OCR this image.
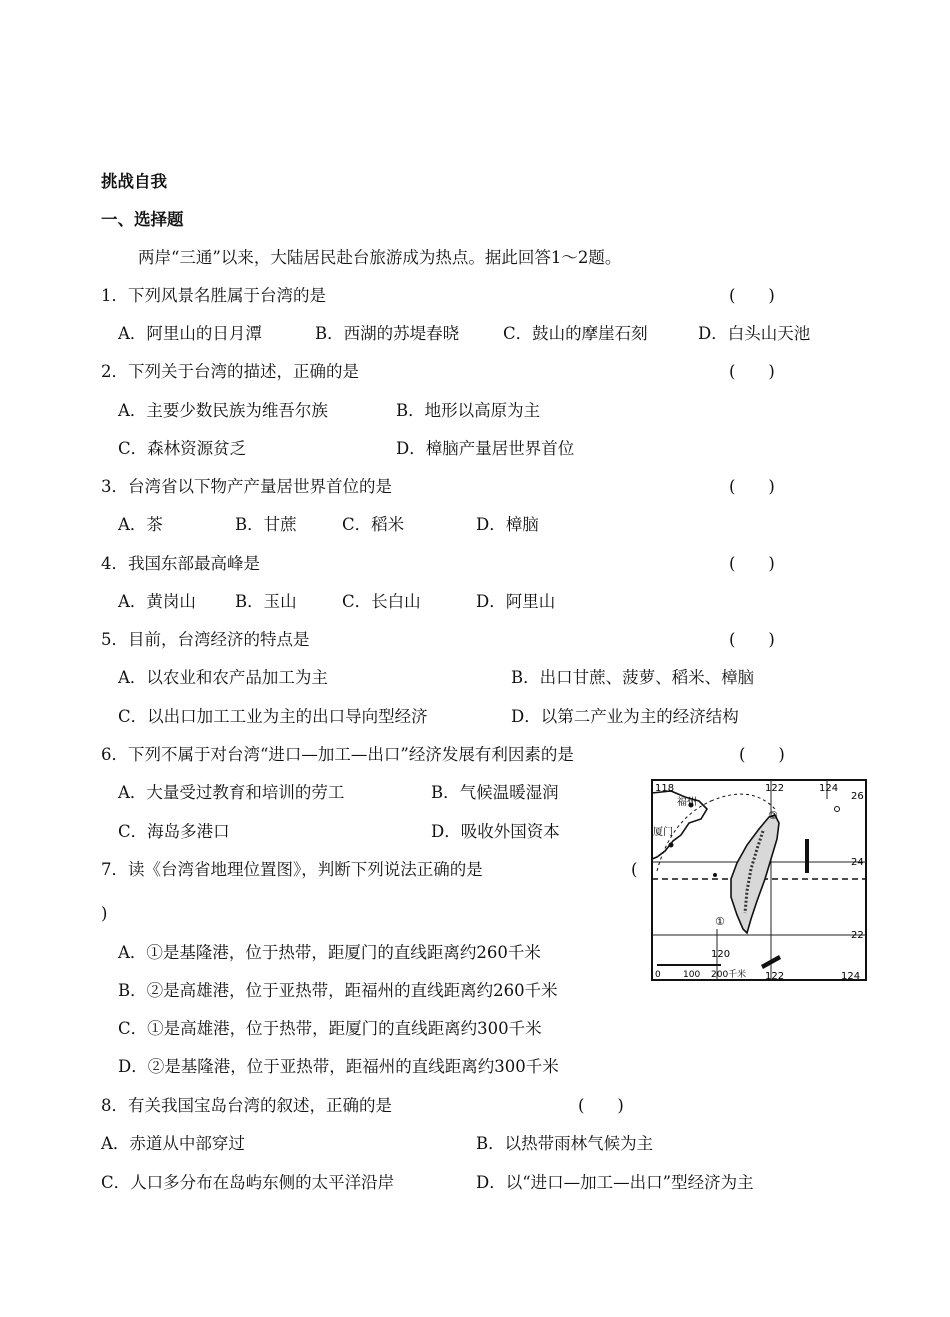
挑战自我
一、选择题
两岸“三通”以来，大陆居民赴台旅游成为热点。据此回答1～2题。
1．下列风景名胜属于台湾的是	(　　)
A．阿里山的日月潭	B．西湖的苏堤春晓	C．鼓山的摩崖石刻	D．白头山天池
2．下列关于台湾的描述，正确的是	(　　)
A．主要少数民族为维吾尔族	B．地形以高原为主
C．森林资源贫乏	D．樟脑产量居世界首位
3．台湾省以下物产产量居世界首位的是	(　　)
A．茶	B．甘蔗	C．稻米	D．樟脑
4．我国东部最高峰是	(　　)
A．黄岗山 B．玉山	C．长白山	D．阿里山
5．目前，台湾经济的特点是	(　　)
A．以农业和农产品加工为主	B．出口甘蔗、菠萝、稻米、樟脑
C．以出口加工工业为主的出口导向型经济	D．以第二产业为主的经济结构
6．下列不属于对台湾“进口—加工—出口”经济发展有利因素的是	(　　)
A．大量受过教育和培训的劳工	B．气候温暖湿润
C．海岛多港口	D．吸收外国资本
7．读《台湾省地理位置图》，判断下列说法正确的是	(
)
A．①是基隆港，位于热带，距厦门的直线距离约260千米
B．②是高雄港，位于亚热带，距福州的直线距离约260千米
C．①是高雄港，位于热带，距厦门的直线距离约300千米
D．②是基隆港，位于亚热带，距福州的直线距离约300千米
8．有关我国宝岛台湾的叙述，正确的是	(　　)
A．赤道从中部穿过	B．以热带雨林气候为主
C．人口多分布在岛屿东侧的太平洋沿岸	D．以“进口—加工—出口”型经济为主
118	122	124
120
122	124
26
24
22
福州
厦门
②
①
0 100 200千米
